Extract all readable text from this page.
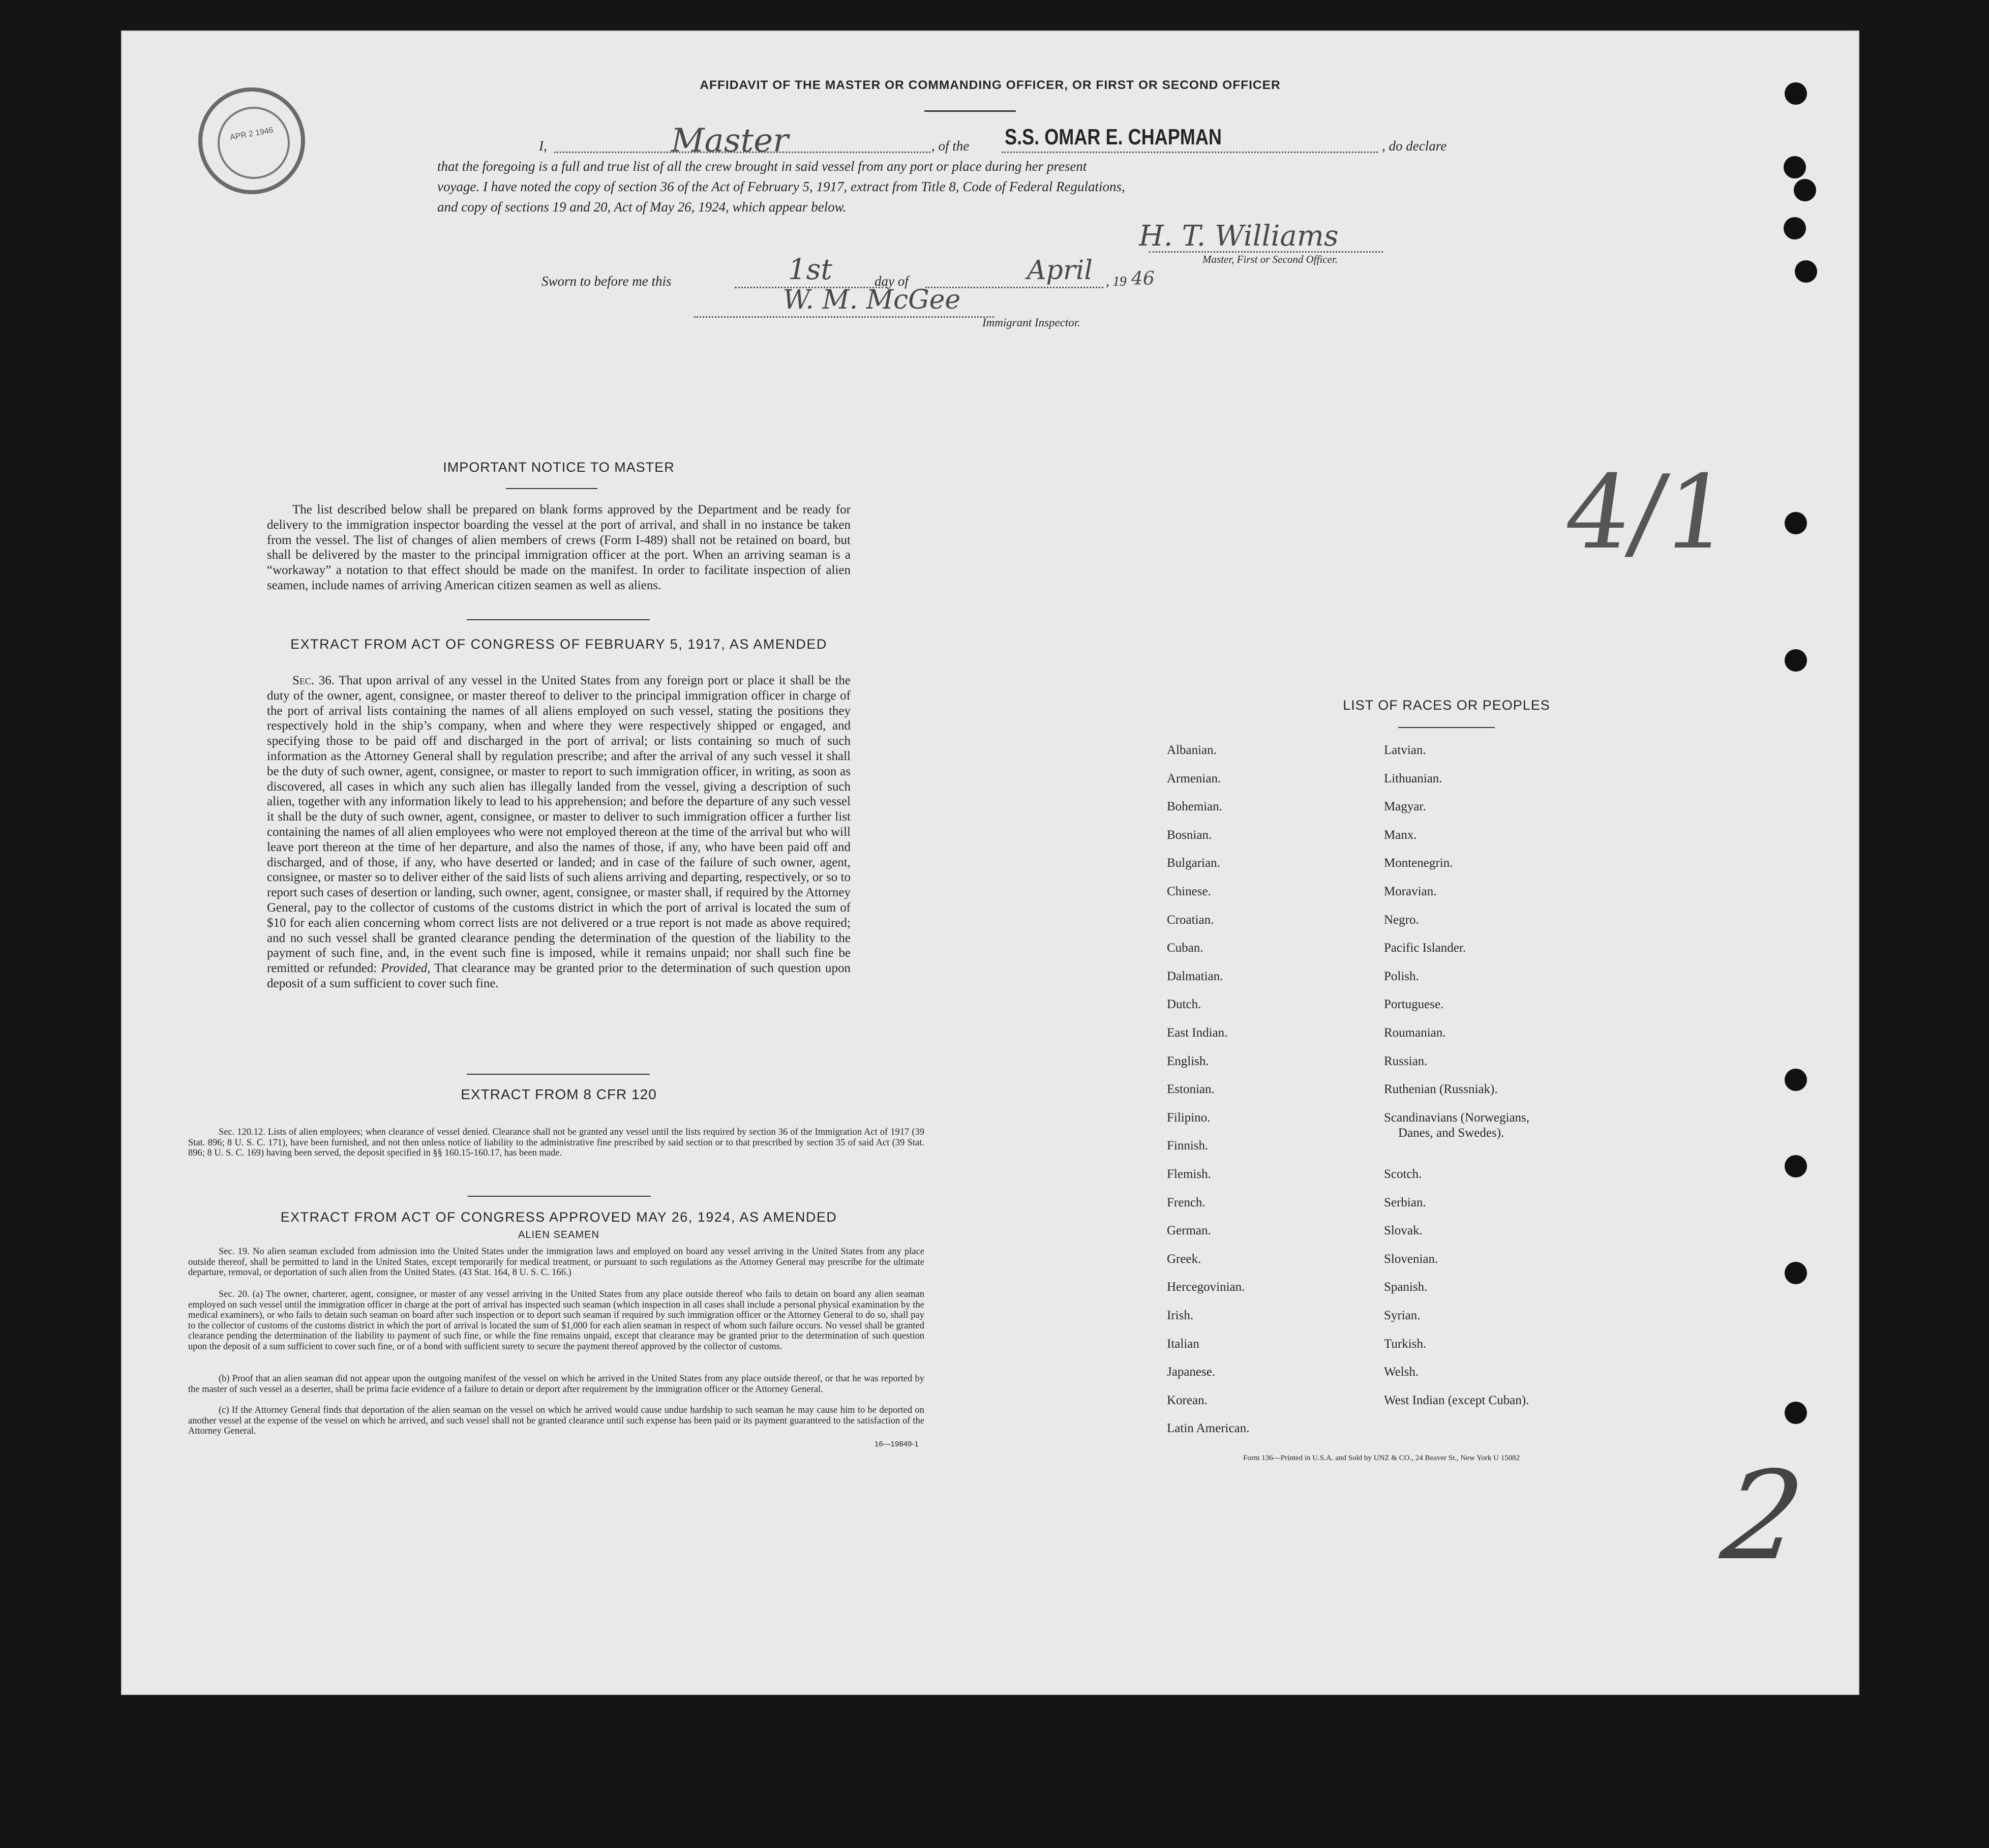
APR 2 1946
AFFIDAVIT OF THE MASTER OR COMMANDING OFFICER, OR FIRST OR SECOND OFFICER
I,	Master	, of the S.S. OMAR E. CHAPMAN	, do declare
that the foregoing is a full and true list of all the crew brought in said vessel from any port or place during her present
voyage. I have noted the copy of section 36 of the Act of February 5, 1917, extract from Title 8, Code of Federal Regulations,
and copy of sections 19 and 20, Act of May 26, 1924, which appear below.
H. T. Williams
Master, First or Second Officer.
Sworn to before me this	1st	day of	April , 19 46
W. M. McGee
Immigrant Inspector.
4/1
2
IMPORTANT NOTICE TO MASTER

The list described below shall be prepared on blank forms approved by the Department and be ready for delivery to the immigration inspector boarding the vessel at the port of arrival, and shall in no instance be taken from the vessel. The list of changes of alien members of crews (Form I-489) shall not be retained on board, but shall be delivered by the master to the principal immigration officer at the port. When an arriving seaman is a “workaway” a notation to that effect should be made on the manifest. In order to facilitate inspection of alien seamen, include names of arriving American citizen seamen as well as aliens.

EXTRACT FROM ACT OF CONGRESS OF FEBRUARY 5, 1917, AS AMENDED

Sec. 36. That upon arrival of any vessel in the United States from any foreign port or place it shall be the duty of the owner, agent, consignee, or master thereof to deliver to the principal immigration officer in charge of the port of arrival lists containing the names of all aliens employed on such vessel, stating the positions they respectively hold in the ship’s company, when and where they were respectively shipped or engaged, and specifying those to be paid off and discharged in the port of arrival; or lists containing so much of such information as the Attorney General shall by regulation prescribe; and after the arrival of any such vessel it shall be the duty of such owner, agent, consignee, or master to report to such immigration officer, in writing, as soon as discovered, all cases in which any such alien has illegally landed from the vessel, giving a description of such alien, together with any information likely to lead to his apprehension; and before the departure of any such vessel it shall be the duty of such owner, agent, consignee, or master to deliver to such immigration officer a further list containing the names of all alien employees who were not employed thereon at the time of the arrival but who will leave port thereon at the time of her departure, and also the names of those, if any, who have been paid off and discharged, and of those, if any, who have deserted or landed; and in case of the failure of such owner, agent, consignee, or master so to deliver either of the said lists of such aliens arriving and departing, respectively, or so to report such cases of desertion or landing, such owner, agent, consignee, or master shall, if required by the Attorney General, pay to the collector of customs of the customs district in which the port of arrival is located the sum of $10 for each alien concerning whom correct lists are not delivered or a true report is not made as above required; and no such vessel shall be granted clearance pending the determination of the question of the liability to the payment of such fine, and, in the event such fine is imposed, while it remains unpaid; nor shall such fine be remitted or refunded: Provided, That clearance may be granted prior to the determination of such question upon deposit of a sum sufficient to cover such fine.

EXTRACT FROM 8 CFR 120

Sec. 120.12. Lists of alien employees; when clearance of vessel denied. Clearance shall not be granted any vessel until the lists required by section 36 of the Immigration Act of 1917 (39 Stat. 896; 8 U. S. C. 171), have been furnished, and not then unless notice of liability to the administrative fine prescribed by said section or to that prescribed by section 35 of said Act (39 Stat. 896; 8 U. S. C. 169) having been served, the deposit specified in §§ 160.15-160.17, has been made.

EXTRACT FROM ACT OF CONGRESS APPROVED MAY 26, 1924, AS AMENDED
ALIEN SEAMEN

Sec. 19. No alien seaman excluded from admission into the United States under the immigration laws and employed on board any vessel arriving in the United States from any place outside thereof, shall be permitted to land in the United States, except temporarily for medical treatment, or pursuant to such regulations as the Attorney General may prescribe for the ultimate departure, removal, or deportation of such alien from the United States. (43 Stat. 164, 8 U. S. C. 166.)

Sec. 20. (a) The owner, charterer, agent, consignee, or master of any vessel arriving in the United States from any place outside thereof who fails to detain on board any alien seaman employed on such vessel until the immigration officer in charge at the port of arrival has inspected such seaman (which inspection in all cases shall include a personal physical examination by the medical examiners), or who fails to detain such seaman on board after such inspection or to deport such seaman if required by such immigration officer or the Attorney General to do so, shall pay to the collector of customs of the customs district in which the port of arrival is located the sum of $1,000 for each alien seaman in respect of whom such failure occurs. No vessel shall be granted clearance pending the determination of the liability to payment of such fine, or while the fine remains unpaid, except that clearance may be granted prior to the determination of such question upon the deposit of a sum sufficient to cover such fine, or of a bond with sufficient surety to secure the payment thereof approved by the collector of customs.

(b) Proof that an alien seaman did not appear upon the outgoing manifest of the vessel on which he arrived in the United States from any place outside thereof, or that he was reported by the master of such vessel as a deserter, shall be prima facie evidence of a failure to detain or deport after requirement by the immigration officer or the Attorney General.

(c) If the Attorney General finds that deportation of the alien seaman on the vessel on which he arrived would cause undue hardship to such seaman he may cause him to be deported on another vessel at the expense of the vessel on which he arrived, and such vessel shall not be granted clearance until such expense has been paid or its payment guaranteed to the satisfaction of the Attorney General.

16—19849-1
LIST OF RACES OR PEOPLES
Form 136—Printed in U.S.A. and Sold by UNZ & CO., 24 Beaver St., New York U 15082
Albanian.
Armenian.
Bohemian.
Bosnian.
Bulgarian.
Chinese.
Croatian.
Cuban.
Dalmatian.
Dutch.
East Indian.
English.
Estonian.
Filipino.
Finnish.
Flemish.
French.
German.
Greek.
Hercegovinian.
Irish.
Italian
Japanese.
Korean.
Latin American.
Latvian.
Lithuanian.
Magyar.
Manx.
Montenegrin.
Moravian.
Negro.
Pacific Islander.
Polish.
Portuguese.
Roumanian.
Russian.
Ruthenian (Russniak).
Scandinavians (Norwegians,
Danes, and Swedes).
Scotch.
Serbian.
Slovak.
Slovenian.
Spanish.
Syrian.
Turkish.
Welsh.
West Indian (except Cuban).
